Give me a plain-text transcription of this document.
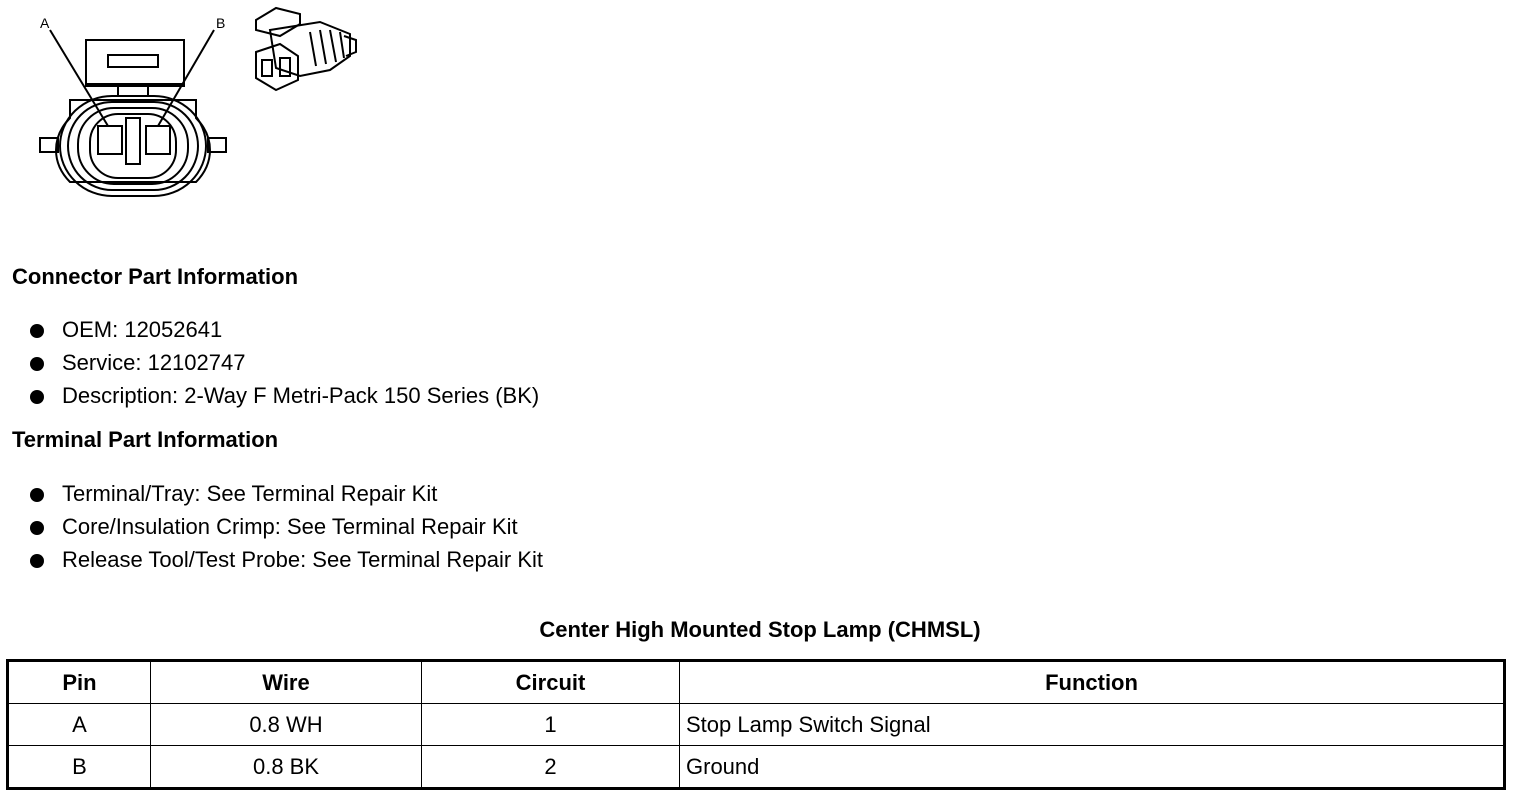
A	B
Connector Part Information
OEM: 12052641
Service: 12102747
Description: 2-Way F Metri-Pack 150 Series (BK)
Terminal Part Information
Terminal/Tray: See Terminal Repair Kit
Core/Insulation Crimp: See Terminal Repair Kit
Release Tool/Test Probe: See Terminal Repair Kit
Center High Mounted Stop Lamp (CHMSL)
Pin	Wire	Circuit	Function
A	0.8 WH	1	Stop Lamp Switch Signal
B	0.8 BK	2	Ground
